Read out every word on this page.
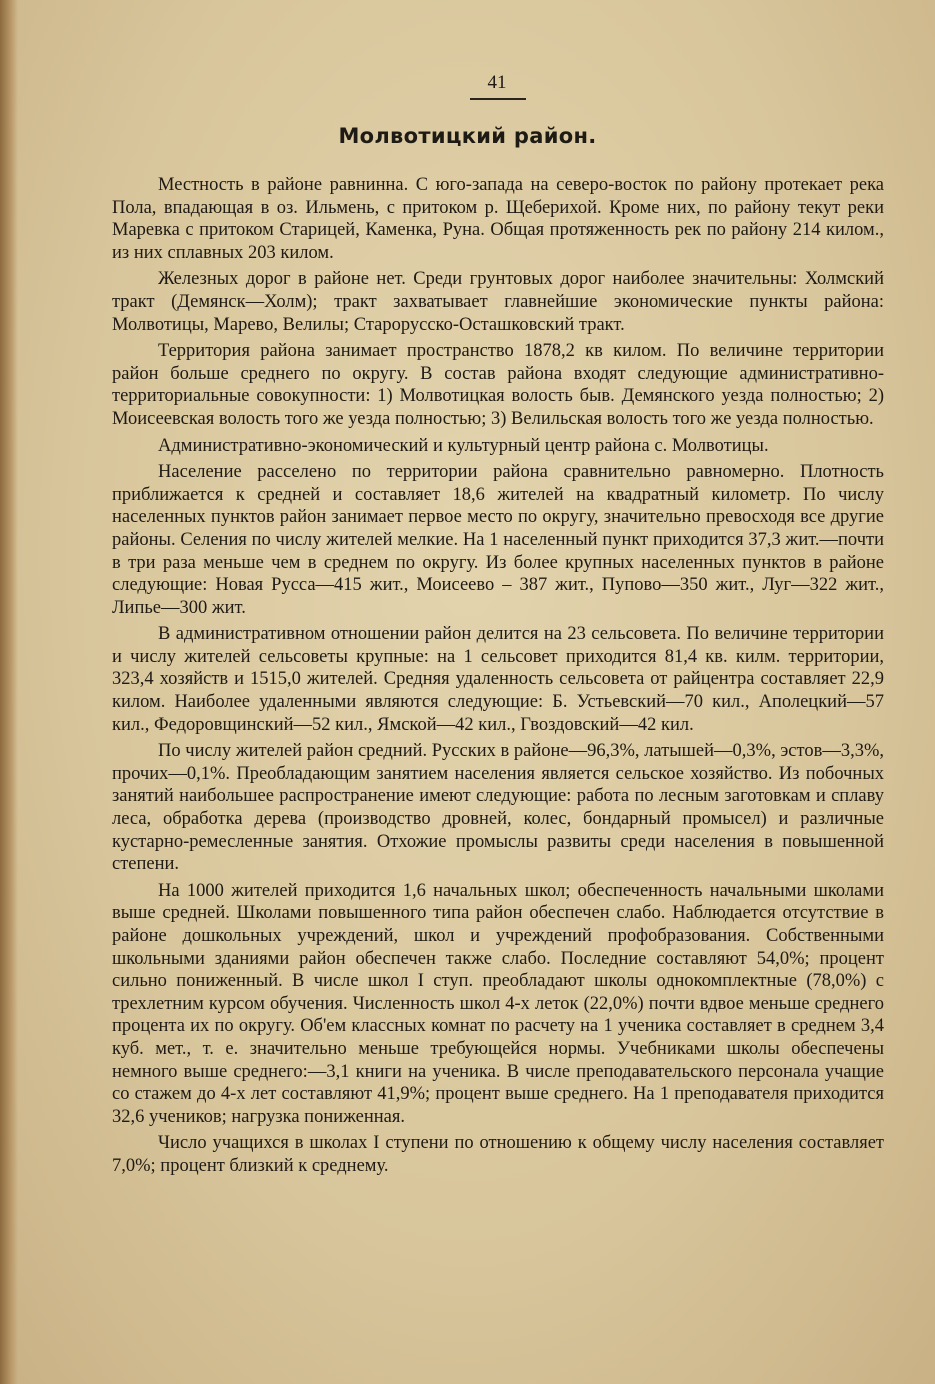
41
Молвотицкий район.

Местность в районе равнинна. С юго-запада на северо-восток по району протекает река Пола, впадающая в оз. Ильмень, с притоком р. Щеберихой. Кроме них, по району текут реки Маревка с притоком Старицей, Каменка, Руна. Общая протяженность рек по району 214 килом., из них сплавных 203 килом.

Железных дорог в районе нет. Среди грунтовых дорог наиболее значительны: Холмский тракт (Демянск—Холм); тракт захватывает главнейшие экономические пункты района: Молвотицы, Марево, Велилы; Старорусско-Осташковский тракт.

Территория района занимает пространство 1878,2 кв килом. По величине территории район больше среднего по округу. В состав района входят следующие административно-территориальные совокупности: 1) Молвотицкая волость быв. Демянского уезда полностью; 2) Моисеевская волость того же уезда полностью; 3) Велильская волость того же уезда полностью.

Административно-экономический и культурный центр района с. Молвотицы.

Население расселено по территории района сравнительно равномерно. Плотность приближается к средней и составляет 18,6 жителей на квадратный километр. По числу населенных пунктов район занимает первое место по округу, значительно превосходя все другие районы. Селения по числу жителей мелкие. На 1 населенный пункт приходится 37,3 жит.—почти в три раза меньше чем в среднем по округу. Из более крупных населенных пунктов в районе следующие: Новая Русса—415 жит., Моисеево – 387 жит., Пупово—350 жит., Луг—322 жит., Липье—300 жит.

В административном отношении район делится на 23 сельсовета. По величине территории и числу жителей сельсоветы крупные: на 1 сельсовет приходится 81,4 кв. килм. территории, 323,4 хозяйств и 1515,0 жителей. Средняя удаленность сельсовета от райцентра составляет 22,9 килом. Наиболее удаленными являются следующие: Б. Устьевский—70 кил., Аполецкий—57 кил., Федоровщинский—52 кил., Ямской—42 кил., Гвоздовский—42 кил.

По числу жителей район средний. Русских в районе—96,3%, латышей—0,3%, эстов—3,3%, прочих—0,1%. Преобладающим занятием населения является сельское хозяйство. Из побочных занятий наибольшее распространение имеют следующие: работа по лесным заготовкам и сплаву леса, обработка дерева (производство дровней, колес, бондарный промысел) и различные кустарно-ремесленные занятия. Отхожие промыслы развиты среди населения в повышенной степени.

На 1000 жителей приходится 1,6 начальных школ; обеспеченность начальными школами выше средней. Школами повышенного типа район обеспечен слабо. Наблюдается отсутствие в районе дошкольных учреждений, школ и учреждений профобразования. Собственными школьными зданиями район обеспечен также слабо. Последние составляют 54,0%; процент сильно пониженный. В числе школ I ступ. преобладают школы однокомплектные (78,0%) с трехлетним курсом обучения. Численность школ 4-х леток (22,0%) почти вдвое меньше среднего процента их по округу. Об'ем классных комнат по расчету на 1 ученика составляет в среднем 3,4 куб. мет., т. е. значительно меньше требующейся нормы. Учебниками школы обеспечены немного выше среднего:—3,1 книги на ученика. В числе преподавательского персонала учащие со стажем до 4-х лет составляют 41,9%; процент выше среднего. На 1 преподавателя приходится 32,6 учеников; нагрузка пониженная.

Число учащихся в школах I ступени по отношению к общему числу населения составляет 7,0%; процент близкий к среднему.
